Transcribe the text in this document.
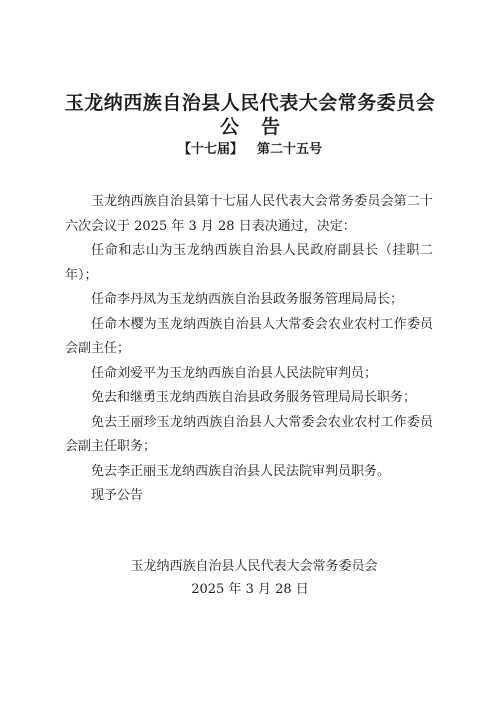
玉龙纳西族自治县人民代表大会常务委员会
公告
【十七届】 第二十五号

玉龙纳西族自治县第十七届人民代表大会常务委员会第二十六次会议于 2025 年 3 月 28 日表决通过，决定：

任命和志山为玉龙纳西族自治县人民政府副县长（挂职二年）；

任命李丹凤为玉龙纳西族自治县政务服务管理局局长；

任命木樱为玉龙纳西族自治县人大常委会农业农村工作委员会副主任；

任命刘爱平为玉龙纳西族自治县人民法院审判员；

免去和继勇玉龙纳西族自治县政务服务管理局局长职务；

免去王丽珍玉龙纳西族自治县人大常委会农业农村工作委员会副主任职务；

免去李正丽玉龙纳西族自治县人民法院审判员职务。

现予公告

玉龙纳西族自治县人民代表大会常务委员会
2025 年 3 月 28 日
